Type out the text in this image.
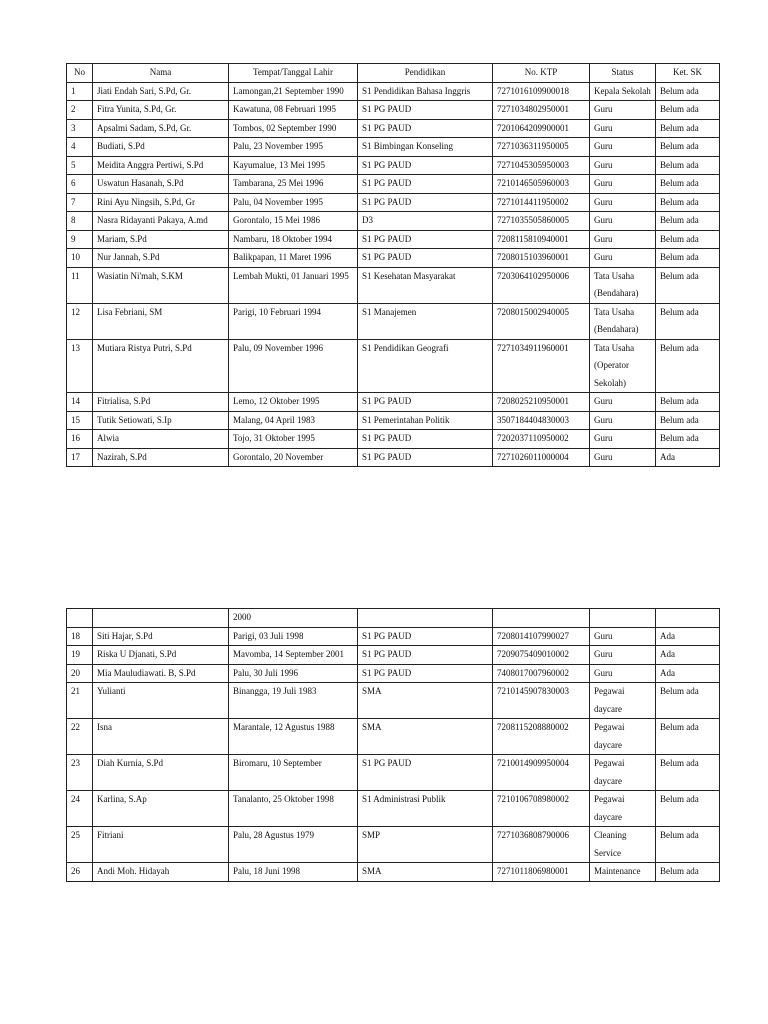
No	Nama	Tempat/Tanggal Lahir	Pendidikan	No. KTP	Status	Ket. SK
1	Jiati Endah Sari, S.Pd, Gr.	Lamongan,21 September 1990	S1 Pendidikan Bahasa Inggris	7271016109900018	Kepala Sekolah	Belum ada
2	Fitra Yunita, S.Pd, Gr.	Kawatuna, 08 Februari 1995	S1 PG PAUD	7271034802950001	Guru	Belum ada
3	Apsalmi Sadam, S.Pd, Gr.	Tombos, 02 September 1990	S1 PG PAUD	7201064209900001	Guru	Belum ada
4	Budiati, S.Pd	Palu, 23 November 1995	S1 Bimbingan Konseling	7271036311950005	Guru	Belum ada
5	Meidita Anggra Pertiwi, S.Pd	Kayumalue, 13 Mei 1995	S1 PG PAUD	7271045305950003	Guru	Belum ada
6	Uswatun Hasanah, S.Pd	Tambarana, 25 Mei 1996	S1 PG PAUD	7210146505960003	Guru	Belum ada
7	Rini Ayu Ningsih, S.Pd, Gr	Palu, 04 November 1995	S1 PG PAUD	7271014411950002	Guru	Belum ada
8	Nasra Ridayanti Pakaya, A.md	Gorontalo, 15 Mei 1986	D3	7271035505860005	Guru	Belum ada
9	Mariam, S.Pd	Nambaru, 18 Oktober 1994	S1 PG PAUD	7208115810940001	Guru	Belum ada
10	Nur Jannah, S.Pd	Balikpapan, 11 Maret 1996	S1 PG PAUD	7208015103960001	Guru	Belum ada
11	Wasiatin Ni'mah, S.KM	Lembah Mukti, 01 Januari 1995	S1 Kesehatan Masyarakat	7203064102950006	Tata Usaha (Bendahara)	Belum ada
12	Lisa Febriani, SM	Parigi, 10 Februari 1994	S1 Manajemen	7208015002940005	Tata Usaha (Bendahara)	Belum ada
13	Mutiara Ristya Putri, S.Pd	Palu, 09 November 1996	S1 Pendidikan Geografi	7271034911960001	Tata Usaha (Operator Sekolah)	Belum ada
14	Fitrialisa, S.Pd	Lemo, 12 Oktober 1995	S1 PG PAUD	7208025210950001	Guru	Belum ada
15	Tutik Setiowati, S.Ip	Malang, 04 April 1983	S1 Pemerintahan Politik	3507184404830003	Guru	Belum ada
16	Alwia	Tojo, 31 Oktober 1995	S1 PG PAUD	7202037110950002	Guru	Belum ada
17	Nazirah, S.Pd	Gorontalo, 20 November	S1 PG PAUD	7271026011000004	Guru	Ada
		2000				
18	Siti Hajar, S.Pd	Parigi, 03 Juli 1998	S1 PG PAUD	7208014107990027	Guru	Ada
19	Riska U Djanati, S.Pd	Mavomba, 14 September 2001	S1 PG PAUD	7209075409010002	Guru	Ada
20	Mia Mauludiawati. B, S.Pd	Palu, 30 Juli 1996	S1 PG PAUD	7408017007960002	Guru	Ada
21	Yulianti	Binangga, 19 Juli 1983	SMA	7210145907830003	Pegawai daycare	Belum ada
22	Isna	Marantale, 12 Agustus 1988	SMA	7208115208880002	Pegawai daycare	Belum ada
23	Diah Kurnia, S.Pd	Biromaru, 10 September	S1 PG PAUD	7210014909950004	Pegawai daycare	Belum ada
24	Karlina, S.Ap	Tanalanto, 25 Oktober 1998	S1 Administrasi Publik	7210106708980002	Pegawai daycare	Belum ada
25	Fitriani	Palu, 28 Agustus 1979	SMP	7271036808790006	Cleaning Service	Belum ada
26	Andi Moh. Hidayah	Palu, 18 Juni 1998	SMA	7271011806980001	Maintenance	Belum ada
